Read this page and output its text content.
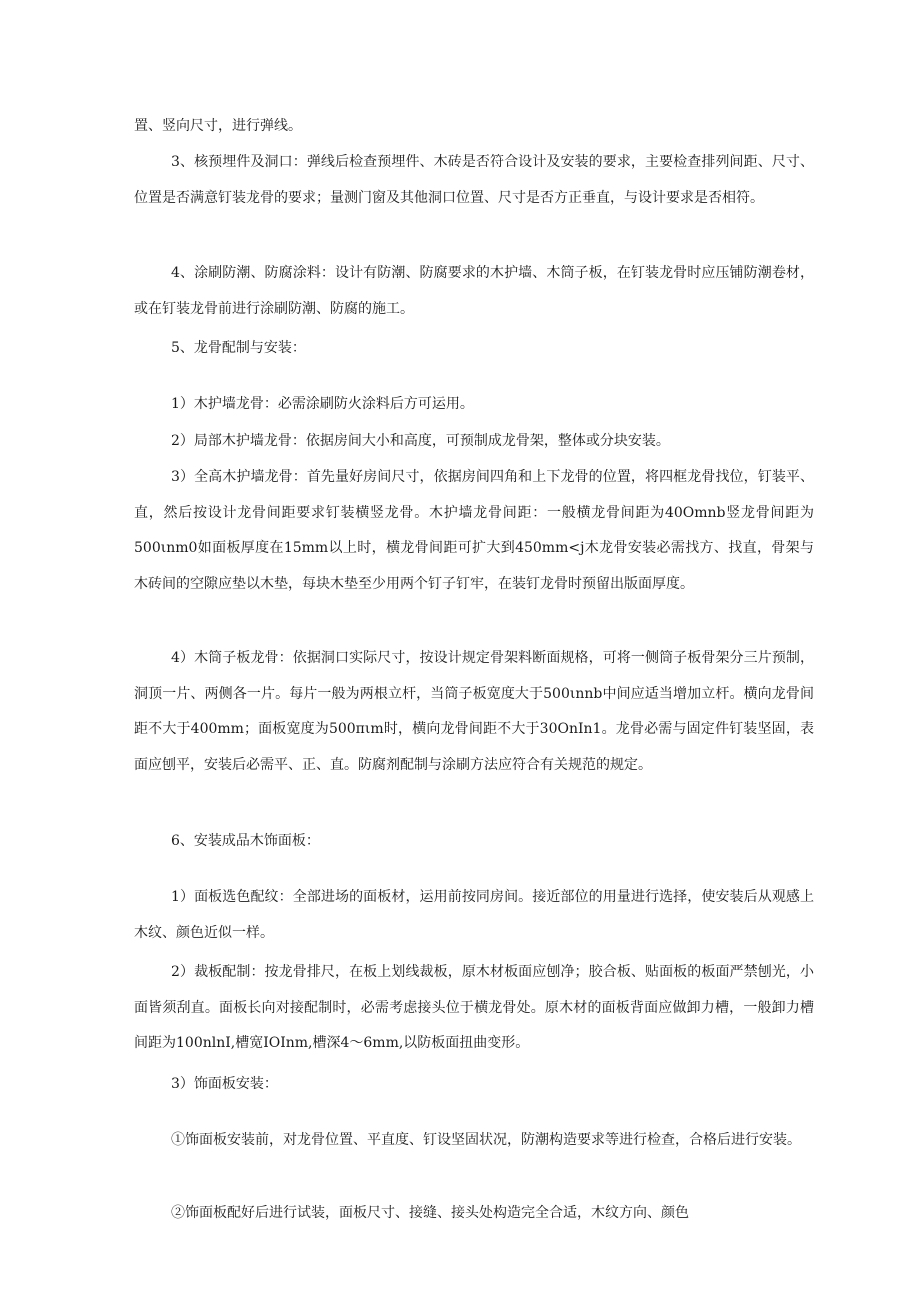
置、竖向尺寸，进行弹线。

3、核预埋件及洞口：弹线后检查预埋件、木砖是否符合设计及安装的要求，主要检查排列间距、尺寸、位置是否满意钉装龙骨的要求；量测门窗及其他洞口位置、尺寸是否方正垂直，与设计要求是否相符。

4、涂刷防潮、防腐涂料：设计有防潮、防腐要求的木护墙、木筒子板，在钉装龙骨时应压铺防潮卷材，或在钉装龙骨前进行涂刷防潮、防腐的施工。

5、龙骨配制与安装：

1）木护墙龙骨：必需涂刷防火涂料后方可运用。

2）局部木护墙龙骨：依据房间大小和高度，可预制成龙骨架，整体或分块安装。

3）全高木护墙龙骨：首先量好房间尺寸，依据房间四角和上下龙骨的位置，将四框龙骨找位，钉装平、直，然后按设计龙骨间距要求钉装横竖龙骨。木护墙龙骨间距：一般横龙骨间距为40Omnb竖龙骨间距为500ιnm0如面板厚度在15mm以上时，横龙骨间距可扩大到450mm<j木龙骨安装必需找方、找直，骨架与木砖间的空隙应垫以木垫，每块木垫至少用两个钉子钉牢，在装钉龙骨时预留出版面厚度。

4）木筒子板龙骨：依据洞口实际尺寸，按设计规定骨架料断面规格，可将一侧筒子板骨架分三片预制，洞顶一片、两侧各一片。每片一般为两根立杆，当筒子板宽度大于500ιnnb中间应适当增加立杆。横向龙骨间距不大于400mm；面板宽度为500πιm时，横向龙骨间距不大于30OnIn1。龙骨必需与固定件钉装坚固，表面应刨平，安装后必需平、正、直。防腐剂配制与涂刷方法应符合有关规范的规定。

6、安装成品木饰面板：

1）面板选色配纹：全部进场的面板材，运用前按同房间。接近部位的用量进行选择，使安装后从观感上木纹、颜色近似一样。

2）裁板配制：按龙骨排尺，在板上划线裁板，原木材板面应刨净；胶合板、贴面板的板面严禁刨光，小面皆须刮直。面板长向对接配制时，必需考虑接头位于横龙骨处。原木材的面板背面应做卸力槽，一般卸力槽间距为100nlnI,槽宽IOInm,槽深4～6mm,以防板面扭曲变形。

3）饰面板安装：

①饰面板安装前，对龙骨位置、平直度、钉设坚固状况，防潮构造要求等进行检查，合格后进行安装。

②饰面板配好后进行试装，面板尺寸、接缝、接头处构造完全合适，木纹方向、颜色
